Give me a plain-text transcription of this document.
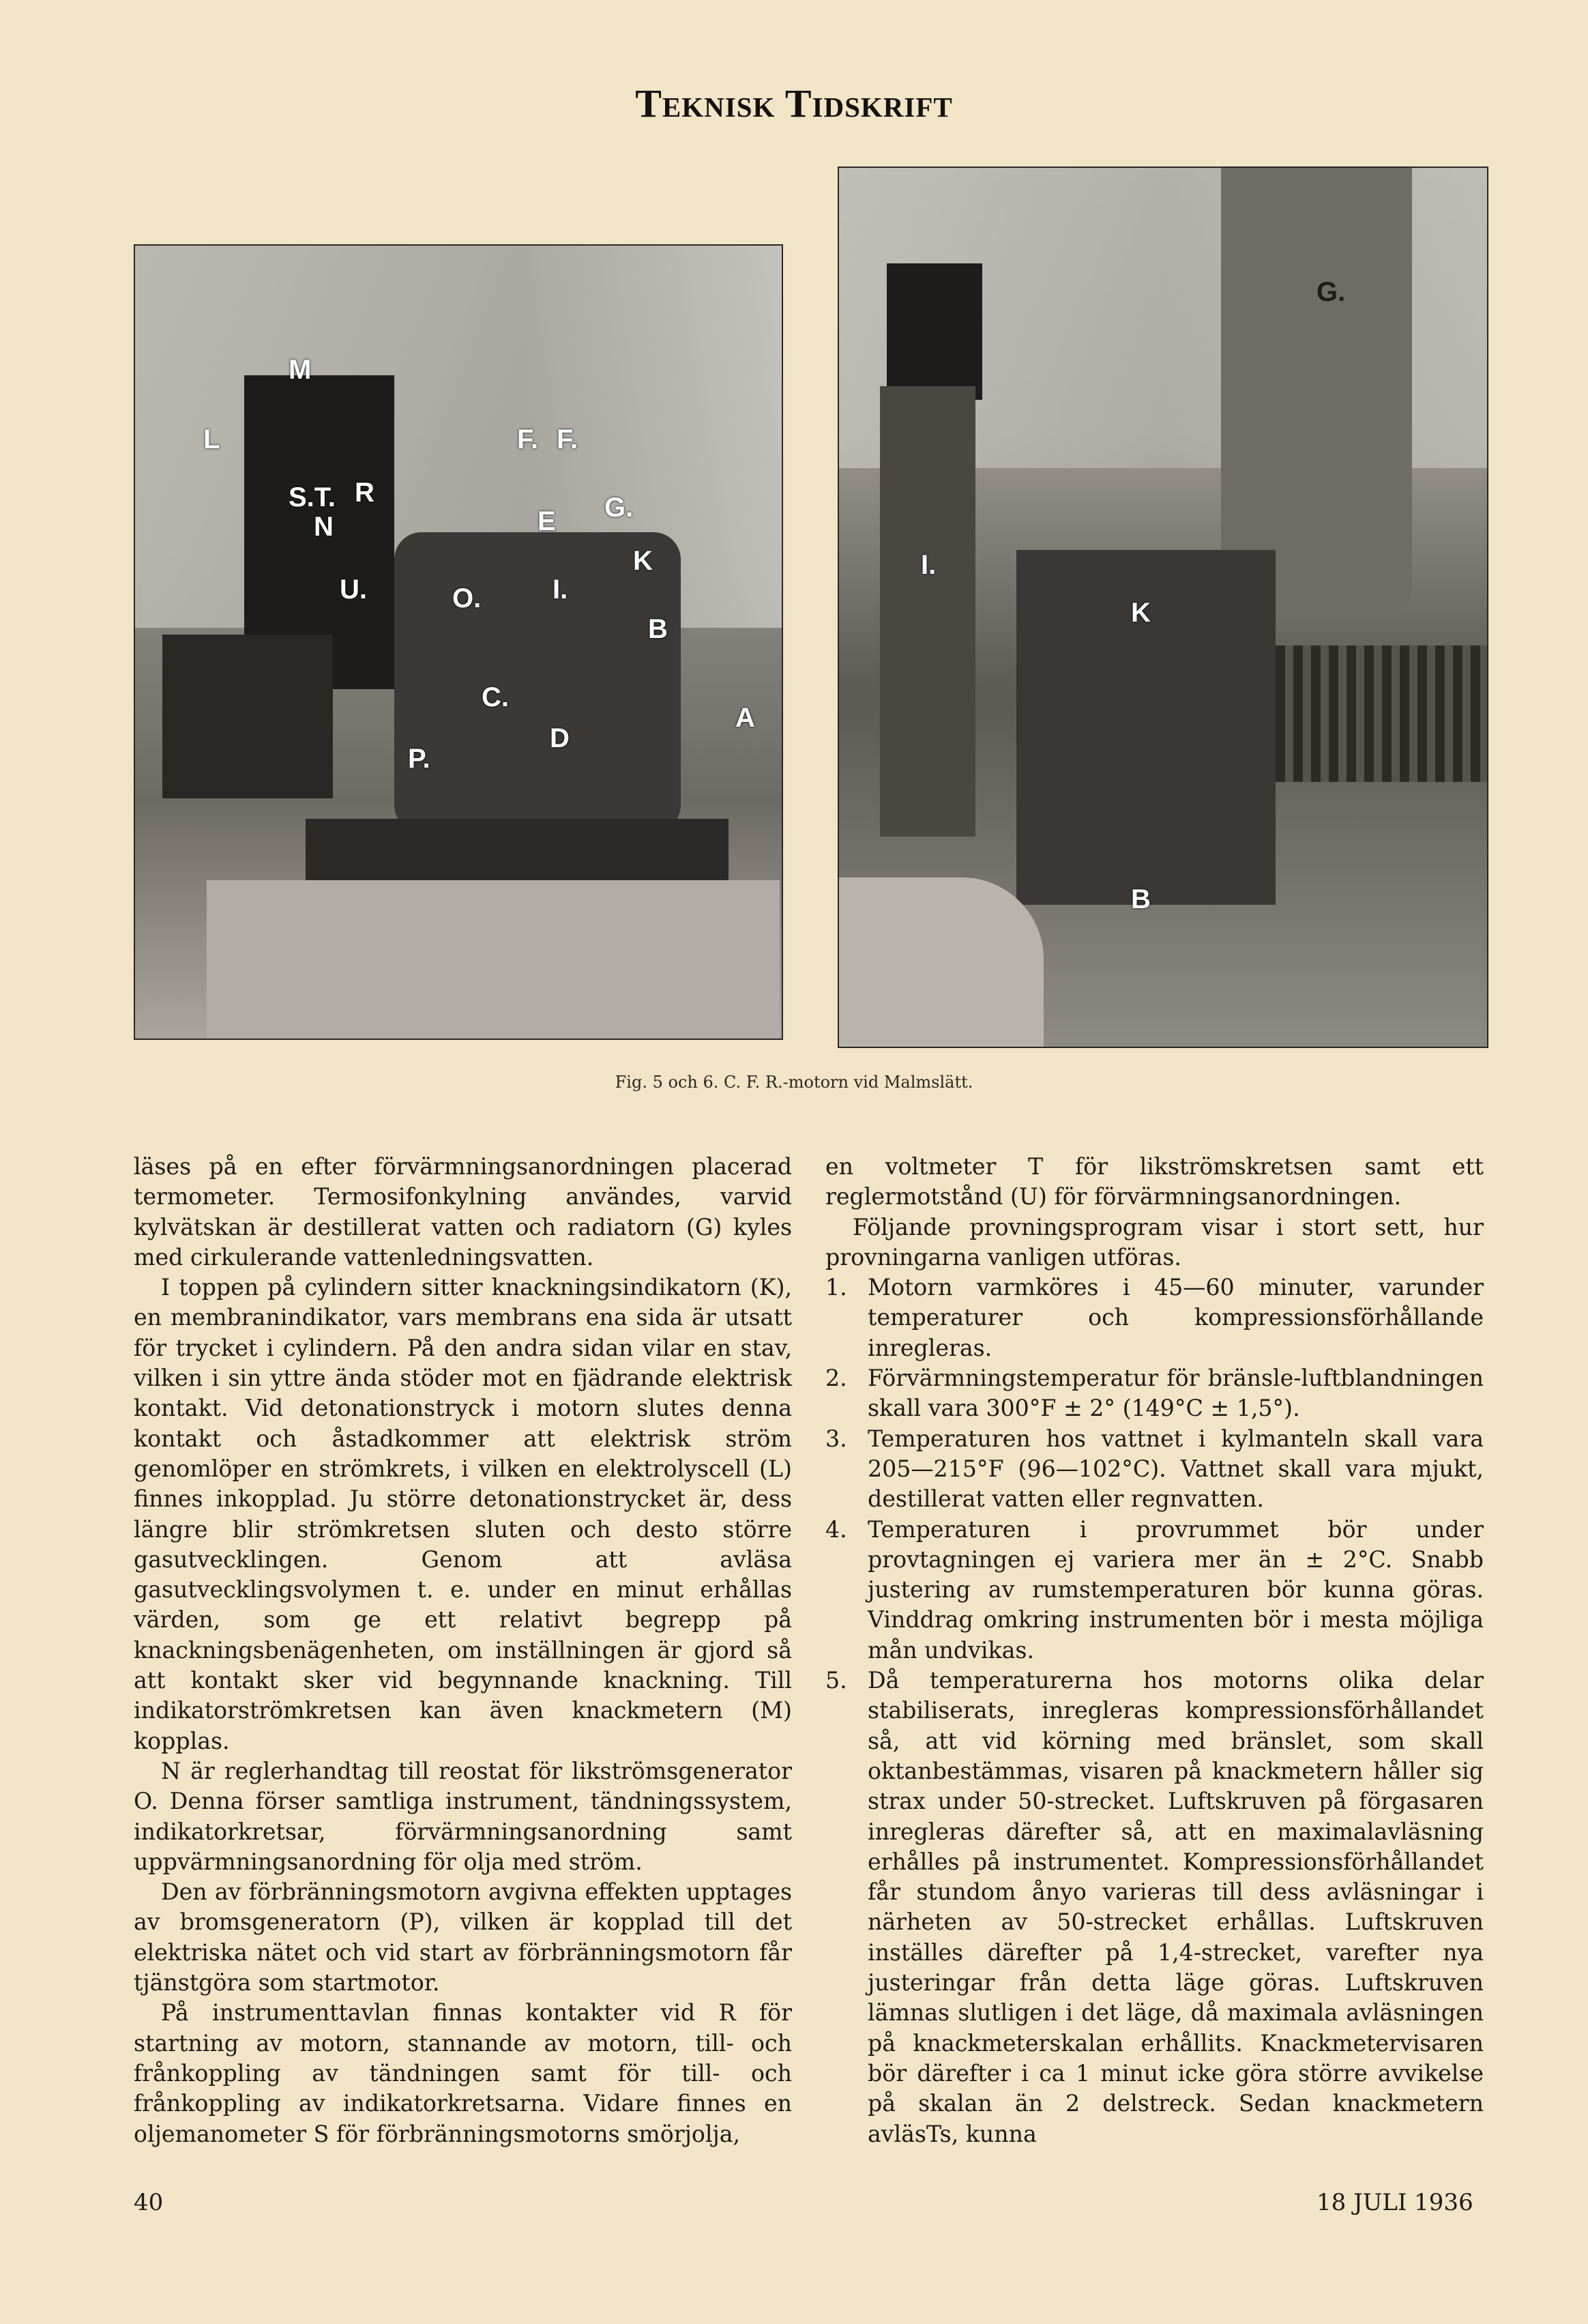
Teknisk Tidskrift
M
L
S.T.
N
R
U.	O.
F. F.
E G.
K
I.
B
C.
D
A
P.
G.
I.
K
B
Fig. 5 och 6. C. F. R.-motorn vid Malmslätt.

läses på en efter förvärmningsanordningen placerad termometer. Termosifonkylning användes, varvid kylvätskan är destillerat vatten och radiatorn (G) kyles med cirkulerande vattenledningsvatten.

I toppen på cylindern sitter knackningsindikatorn (K), en membranindikator, vars membrans ena sida är utsatt för trycket i cylindern. På den andra sidan vilar en stav, vilken i sin yttre ända stöder mot en fjädrande elektrisk kontakt. Vid detonationstryck i motorn slutes denna kontakt och åstadkommer att elektrisk ström genomlöper en strömkrets, i vilken en elektrolyscell (L) finnes inkopplad. Ju större detonationstrycket är, dess längre blir strömkretsen sluten och desto större gasutvecklingen. Genom att avläsa gasutvecklingsvolymen t. e. under en minut erhållas värden, som ge ett relativt begrepp på knackningsbenägenheten, om inställningen är gjord så att kontakt sker vid begynnande knackning. Till indikatorströmkretsen kan även knackmetern (M) kopplas.

N är reglerhandtag till reostat för likströmsgenerator O. Denna förser samtliga instrument, tändningssystem, indikatorkretsar, förvärmningsanordning samt uppvärmningsanordning för olja med ström.

Den av förbränningsmotorn avgivna effekten upptages av bromsgeneratorn (P), vilken är kopplad till det elektriska nätet och vid start av förbränningsmotorn får tjänstgöra som startmotor.

På instrumenttavlan finnas kontakter vid R för startning av motorn, stannande av motorn, till- och frånkoppling av tändningen samt för till- och frånkoppling av indikatorkretsarna. Vidare finnes en oljemanometer S för förbränningsmotorns smörjolja,

en voltmeter T för likströmskretsen samt ett reglermotstånd (U) för förvärmningsanordningen.

Följande provningsprogram visar i stort sett, hur provningarna vanligen utföras.

1. Motorn varmköres i 45—60 minuter, varunder temperaturer och kompressionsförhållande inregleras.
2. Förvärmningstemperatur för bränsle-luftblandningen skall vara 300°F ± 2° (149°C ± 1,5°).
3. Temperaturen hos vattnet i kylmanteln skall vara 205—215°F (96—102°C). Vattnet skall vara mjukt, destillerat vatten eller regnvatten.
4. Temperaturen i provrummet bör under provtagningen ej variera mer än ± 2°C. Snabb justering av rumstemperaturen bör kunna göras. Vinddrag omkring instrumenten bör i mesta möjliga mån undvikas.
5. Då temperaturerna hos motorns olika delar stabiliserats, inregleras kompressionsförhållandet så, att vid körning med bränslet, som skall oktanbestämmas, visaren på knackmetern håller sig strax under 50-strecket. Luftskruven på förgasaren inregleras därefter så, att en maximalavläsning erhålles på instrumentet. Kompressionsförhållandet får stundom ånyo varieras till dess avläsningar i närheten av 50-strecket erhållas. Luftskruven inställes därefter på 1,4-strecket, varefter nya justeringar från detta läge göras. Luftskruven lämnas slutligen i det läge, då maximala avläsningen på knackmeterskalan erhållits. Knackmetervisaren bör därefter i ca 1 minut icke göra större avvikelse på skalan än 2 delstreck. Sedan knackmetern avläsTs, kunna
40	18 JULI 1936
